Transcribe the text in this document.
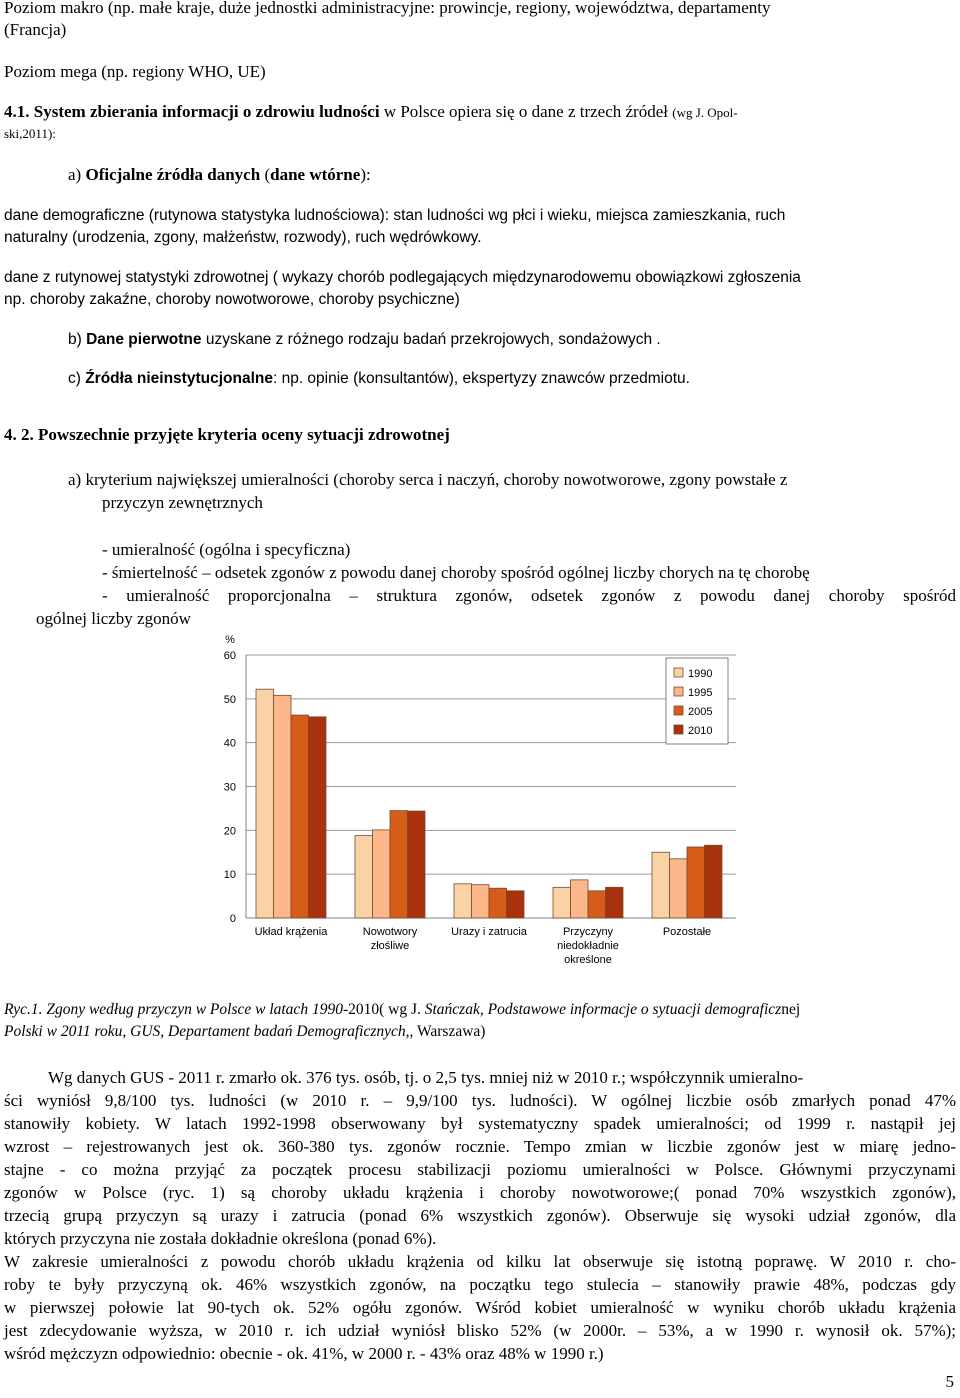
Poziom makro (np. małe kraje, duże jednostki administracyjne: prowincje, regiony, województwa, departamenty
(Francja)
Poziom mega (np. regiony WHO, UE)
4.1. System zbierania informacji o zdrowiu ludności w Polsce opiera się o dane z trzech źródeł (wg J. Opol-
ski,2011):
a) Oficjalne źródła danych (dane wtórne):
dane demograficzne (rutynowa statystyka ludnościowa): stan ludności wg płci i wieku, miejsca zamieszkania, ruch
naturalny (urodzenia, zgony, małżeństw, rozwody), ruch wędrówkowy.
dane z rutynowej statystyki zdrowotnej ( wykazy chorób podlegających międzynarodowemu obowiązkowi zgłoszenia
np. choroby zakaźne, choroby nowotworowe, choroby psychiczne)
b) Dane pierwotne uzyskane z różnego rodzaju badań przekrojowych, sondażowych .
c) Źródła nieinstytucjonalne: np. opinie (konsultantów), ekspertyzy znawców przedmiotu.
4. 2. Powszechnie przyjęte kryteria oceny sytuacji zdrowotnej
a) kryterium największej umieralności (choroby serca i naczyń, choroby nowotworowe, zgony powstałe z
przyczyn zewnętrznych
- umieralność (ogólna i specyficzna)
- śmiertelność – odsetek zgonów z powodu danej choroby spośród ogólnej liczby chorych na tę chorobę
- umieralność proporcjonalna – struktura zgonów, odsetek zgonów z powodu danej choroby spośród
ogólnej liczby zgonów
0
10
20
30
40
50
60
%
Układ krążenia	Nowotwory
złośliwe
Urazy i zatrucia	Przyczyny
niedokładnie
określone
Pozostałe
1990
1995
2005
2010
Ryc.1. Zgony według przyczyn w Polsce w latach 1990-2010( wg J. Stańczak, Podstawowe informacje o sytuacji demograficznej
Polski w 2011 roku, GUS, Departament badań Demograficznych,, Warszawa)
Wg danych GUS - 2011 r. zmarło ok. 376 tys. osób, tj. o 2,5 tys. mniej niż w 2010 r.; współczynnik umieralno-
ści wyniósł 9,8/100 tys. ludności (w 2010 r. – 9,9/100 tys. ludności). W ogólnej liczbie osób zmarłych ponad 47%
stanowiły kobiety. W latach 1992-1998 obserwowany był systematyczny spadek umieralności; od 1999 r. nastąpił jej
wzrost – rejestrowanych jest ok. 360-380 tys. zgonów rocznie. Tempo zmian w liczbie zgonów jest w miarę jedno-
stajne - co można przyjąć za początek procesu stabilizacji poziomu umieralności w Polsce. Głównymi przyczynami
zgonów w Polsce (ryc. 1) są choroby układu krążenia i choroby nowotworowe;( ponad 70% wszystkich zgonów),
trzecią grupą przyczyn są urazy i zatrucia (ponad 6% wszystkich zgonów). Obserwuje się wysoki udział zgonów, dla
których przyczyna nie została dokładnie określona (ponad 6%).
W zakresie umieralności z powodu chorób układu krążenia od kilku lat obserwuje się istotną poprawę. W 2010 r. cho-
roby te były przyczyną ok. 46% wszystkich zgonów, na początku tego stulecia – stanowiły prawie 48%, podczas gdy
w pierwszej połowie lat 90-tych ok. 52% ogółu zgonów. Wśród kobiet umieralność w wyniku chorób układu krążenia
jest zdecydowanie wyższa, w 2010 r. ich udział wyniósł blisko 52% (w 2000r. – 53%, a w 1990 r. wynosił ok. 57%);
wśród mężczyzn odpowiednio: obecnie - ok. 41%, w 2000 r. - 43% oraz 48% w 1990 r.)
5
